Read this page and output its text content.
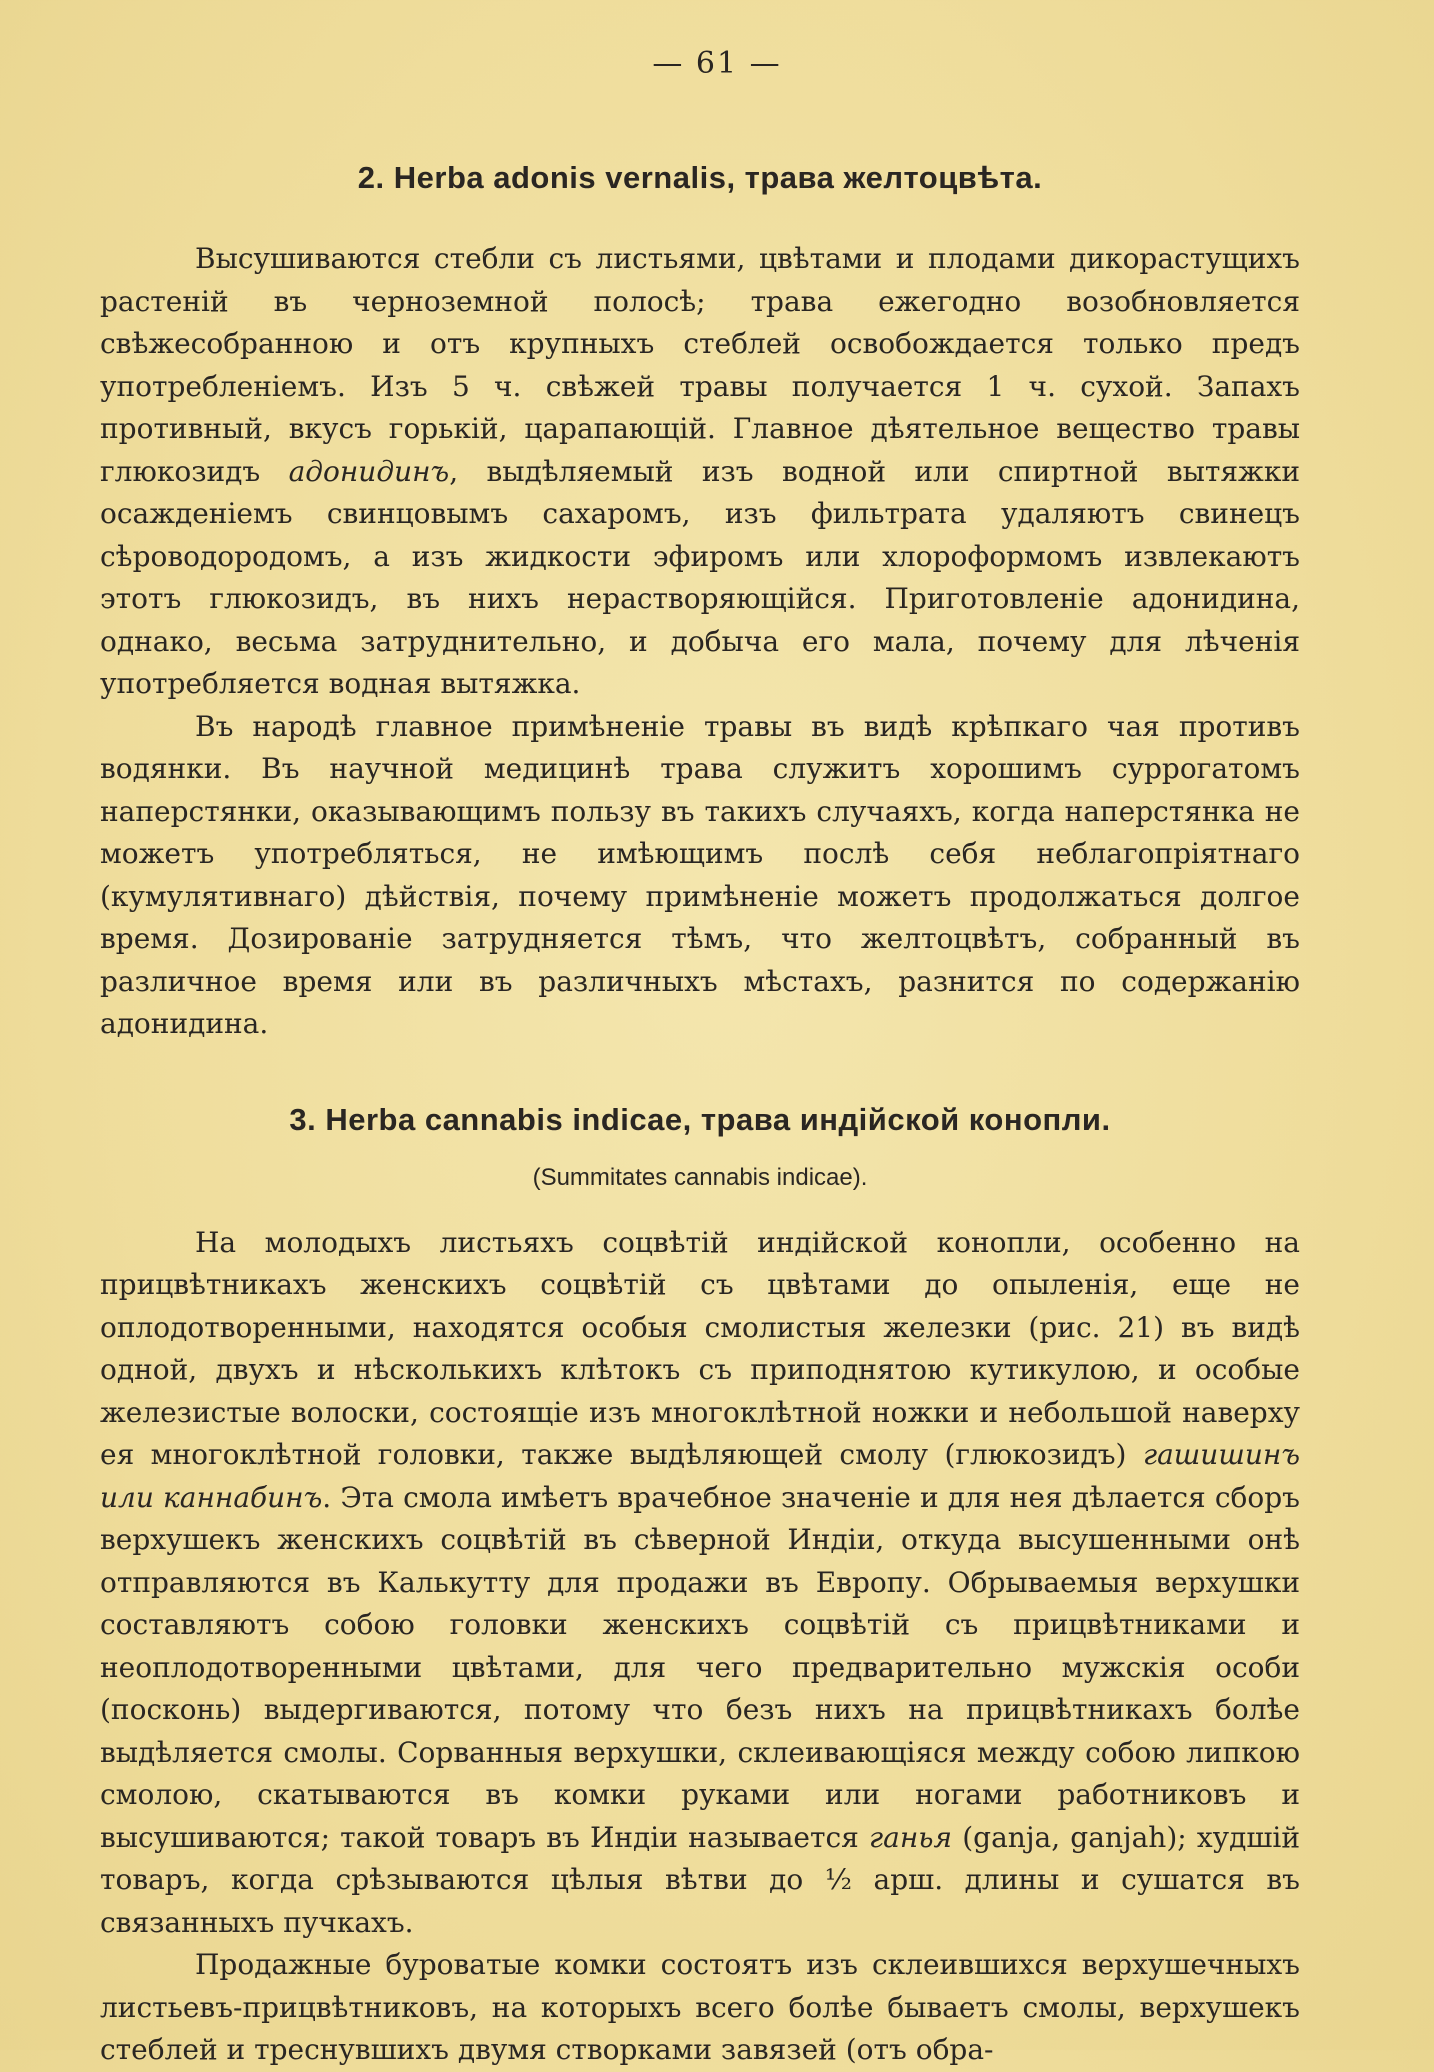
— 61 —
2. Herba adonis vernalis, трава желтоцвѣта.

Высушиваются стебли съ листьями, цвѣтами и плодами дикорастущихъ растеній въ черноземной полосѣ; трава ежегодно возобновляется свѣжесобранною и отъ крупныхъ стеблей освобождается только предъ употребленіемъ. Изъ 5 ч. свѣжей травы получается 1 ч. сухой. Запахъ противный, вкусъ горькій, царапающій. Главное дѣятельное вещество травы глюкозидъ адонидинъ, выдѣляемый изъ водной или спиртной вытяжки осажденіемъ свинцовымъ сахаромъ, изъ фильтрата удаляютъ свинецъ сѣроводородомъ, а изъ жидкости эфиромъ или хлороформомъ извлекаютъ этотъ глюкозидъ, въ нихъ нерастворяющійся. Приготовленіе адонидина, однако, весьма затруднительно, и добыча его мала, почему для лѣченія употребляется водная вытяжка.

Въ народѣ главное примѣненіе травы въ видѣ крѣпкаго чая противъ водянки. Въ научной медицинѣ трава служитъ хорошимъ суррогатомъ наперстянки, оказывающимъ пользу въ такихъ случаяхъ, когда наперстянка не можетъ употребляться, не имѣющимъ послѣ себя неблагопріятнаго (кумулятивнаго) дѣйствія, почему примѣненіе можетъ продолжаться долгое время. Дозированіе затрудняется тѣмъ, что желтоцвѣтъ, собранный въ различное время или въ различныхъ мѣстахъ, разнится по содержанію адонидина.

3. Herba cannabis indicae, трава индійской конопли.
(Summitates cannabis indicae).

На молодыхъ листьяхъ соцвѣтій индійской конопли, особенно на прицвѣтникахъ женскихъ соцвѣтій съ цвѣтами до опыленія, еще не оплодотворенными, находятся особыя смолистыя железки (рис. 21) въ видѣ одной, двухъ и нѣсколькихъ клѣтокъ съ приподнятою кутикулою, и особые железистые волоски, состоящіе изъ многоклѣтной ножки и небольшой наверху ея многоклѣтной головки, также выдѣляющей смолу (глюкозидъ) гашишинъ или каннабинъ. Эта смола имѣетъ врачебное значеніе и для нея дѣлается сборъ верхушекъ женскихъ соцвѣтій въ сѣверной Индіи, откуда высушенными онѣ отправляются въ Калькутту для продажи въ Европу. Обрываемыя верхушки составляютъ собою головки женскихъ соцвѣтій съ прицвѣтниками и неоплодотворенными цвѣтами, для чего предварительно мужскія особи (посконь) выдергиваются, потому что безъ нихъ на прицвѣтникахъ болѣе выдѣляется смолы. Сорванныя верхушки, склеивающіяся между собою липкою смолою, скатываются въ комки руками или ногами работниковъ и высушиваются; такой товаръ въ Индіи называется ганья (ganja, ganjah); худшій товаръ, когда срѣзываются цѣлыя вѣтви до ½ арш. длины и сушатся въ связанныхъ пучкахъ.

Продажные буроватые комки состоятъ изъ склеившихся верхушечныхъ листьевъ-прицвѣтниковъ, на которыхъ всего болѣе бываетъ смолы, верхушекъ стеблей и треснувшихъ двумя створками завязей (отъ обра-
